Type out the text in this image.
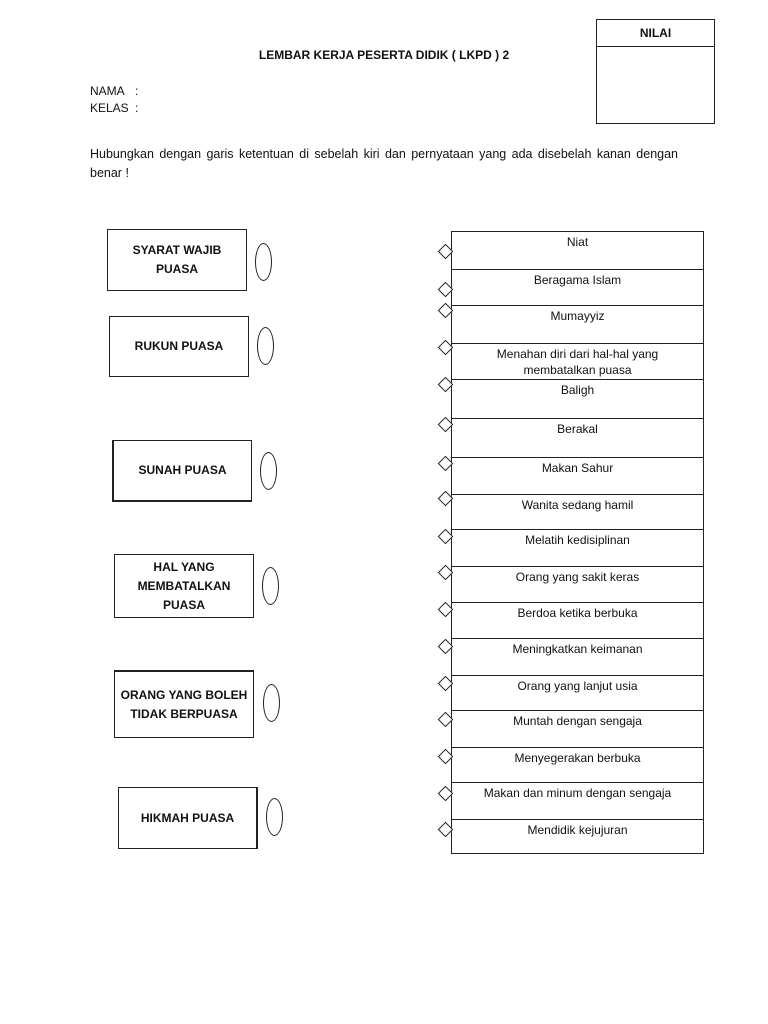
NILAI
LEMBAR KERJA PESERTA DIDIK ( LKPD ) 2
NAMA :
KELAS :
Hubungkan dengan garis ketentuan di sebelah kiri dan pernyataan yang ada disebelah kanan dengan benar !
SYARAT WAJIB PUASA
RUKUN PUASA
SUNAH PUASA
HAL YANG MEMBATALKAN PUASA
ORANG YANG BOLEH TIDAK BERPUASA
HIKMAH PUASA
Niat
Beragama Islam
Mumayyiz
Menahan diri dari hal-hal yang membatalkan puasa
Baligh
Berakal
Makan Sahur
Wanita sedang hamil
Melatih kedisiplinan
Orang yang sakit keras
Berdoa ketika berbuka
Meningkatkan keimanan
Orang yang lanjut usia
Muntah dengan sengaja
Menyegerakan berbuka
Makan dan minum dengan sengaja
Mendidik kejujuran
